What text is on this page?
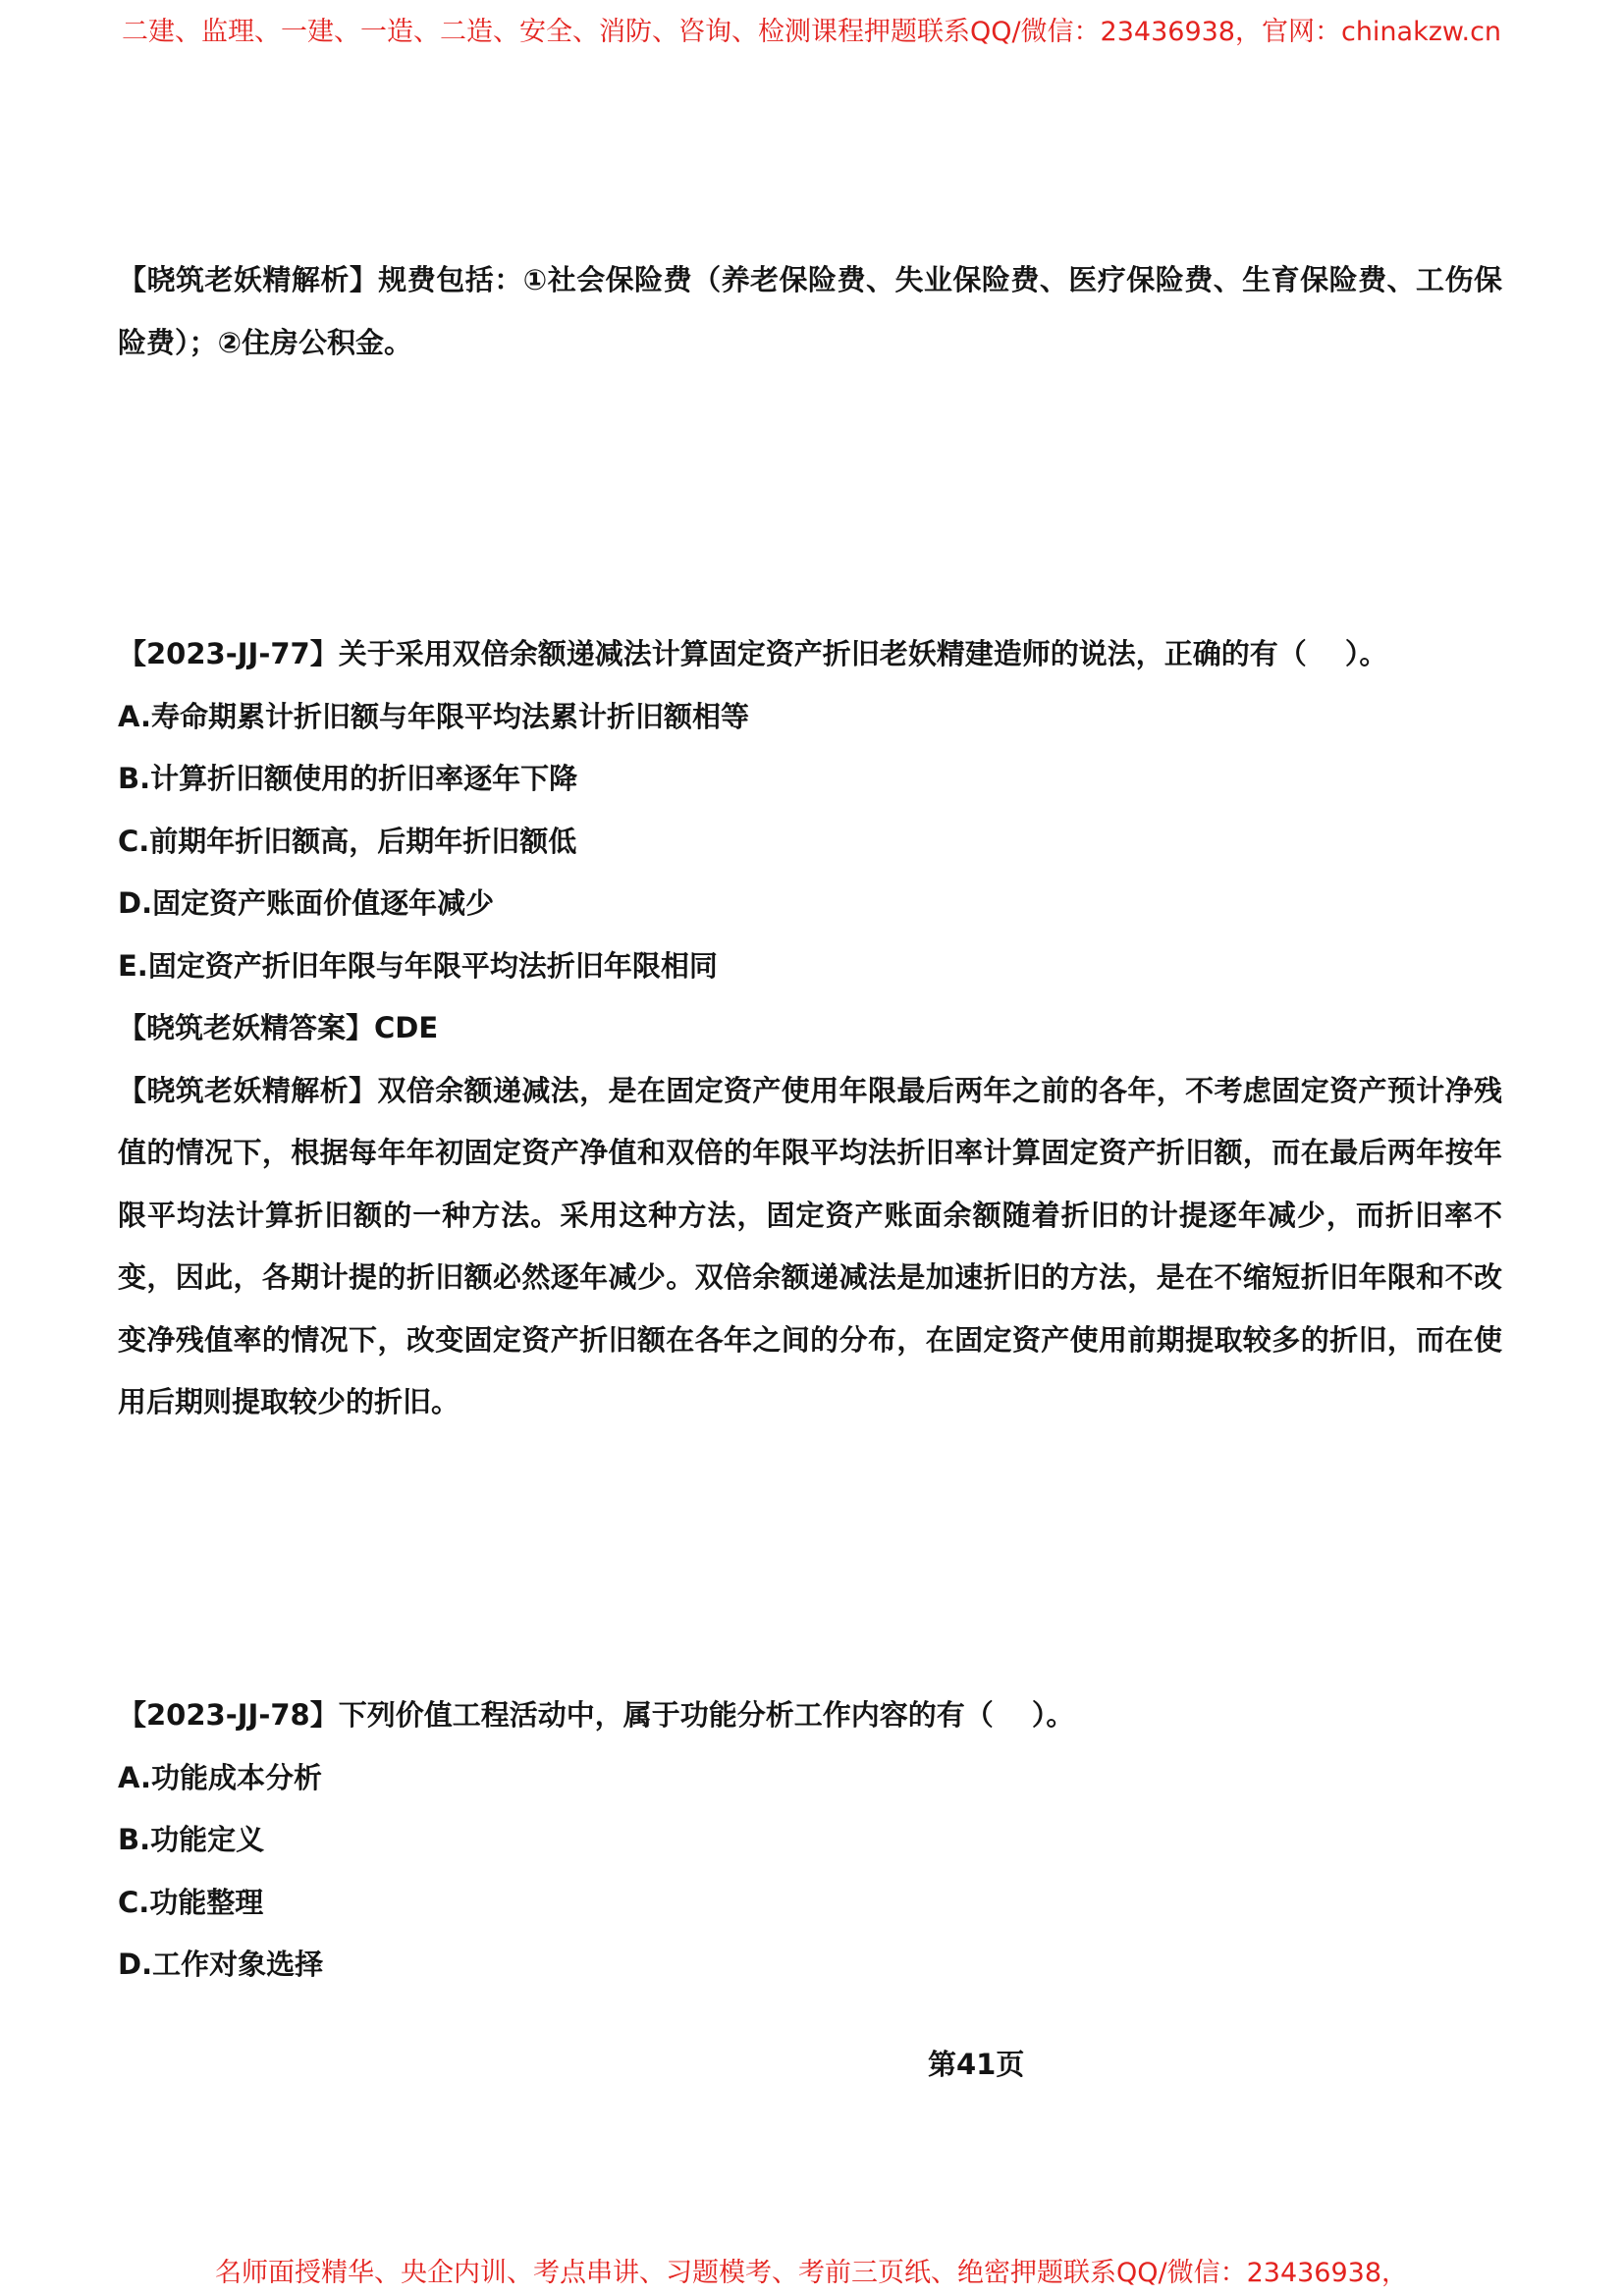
二建、监理、一建、一造、二造、安全、消防、咨询、检测课程押题联系QQ/微信：23436938，官网：chinakzw.cn
【晓筑老妖精解析】规费包括：①社会保险费（养老保险费、失业保险费、医疗保险费、生育保险费、工伤保
险费）；②住房公积金。
【2023-JJ-77】关于采用双倍余额递减法计算固定资产折旧老妖精建造师的说法，正确的有（　 ）。
A.寿命期累计折旧额与年限平均法累计折旧额相等
B.计算折旧额使用的折旧率逐年下降
C.前期年折旧额高，后期年折旧额低
D.固定资产账面价值逐年减少
E.固定资产折旧年限与年限平均法折旧年限相同
【晓筑老妖精答案】CDE
【晓筑老妖精解析】双倍余额递减法，是在固定资产使用年限最后两年之前的各年，不考虑固定资产预计净残
值的情况下，根据每年年初固定资产净值和双倍的年限平均法折旧率计算固定资产折旧额，而在最后两年按年
限平均法计算折旧额的一种方法。采用这种方法，固定资产账面余额随着折旧的计提逐年减少，而折旧率不
变，因此，各期计提的折旧额必然逐年减少。双倍余额递减法是加速折旧的方法，是在不缩短折旧年限和不改
变净残值率的情况下，改变固定资产折旧额在各年之间的分布，在固定资产使用前期提取较多的折旧，而在使
用后期则提取较少的折旧。
【2023-JJ-78】下列价值工程活动中，属于功能分析工作内容的有（　 ）。
A.功能成本分析
B.功能定义
C.功能整理
D.工作对象选择
第41页
名师面授精华、央企内训、考点串讲、习题模考、考前三页纸、绝密押题联系QQ/微信：23436938，
